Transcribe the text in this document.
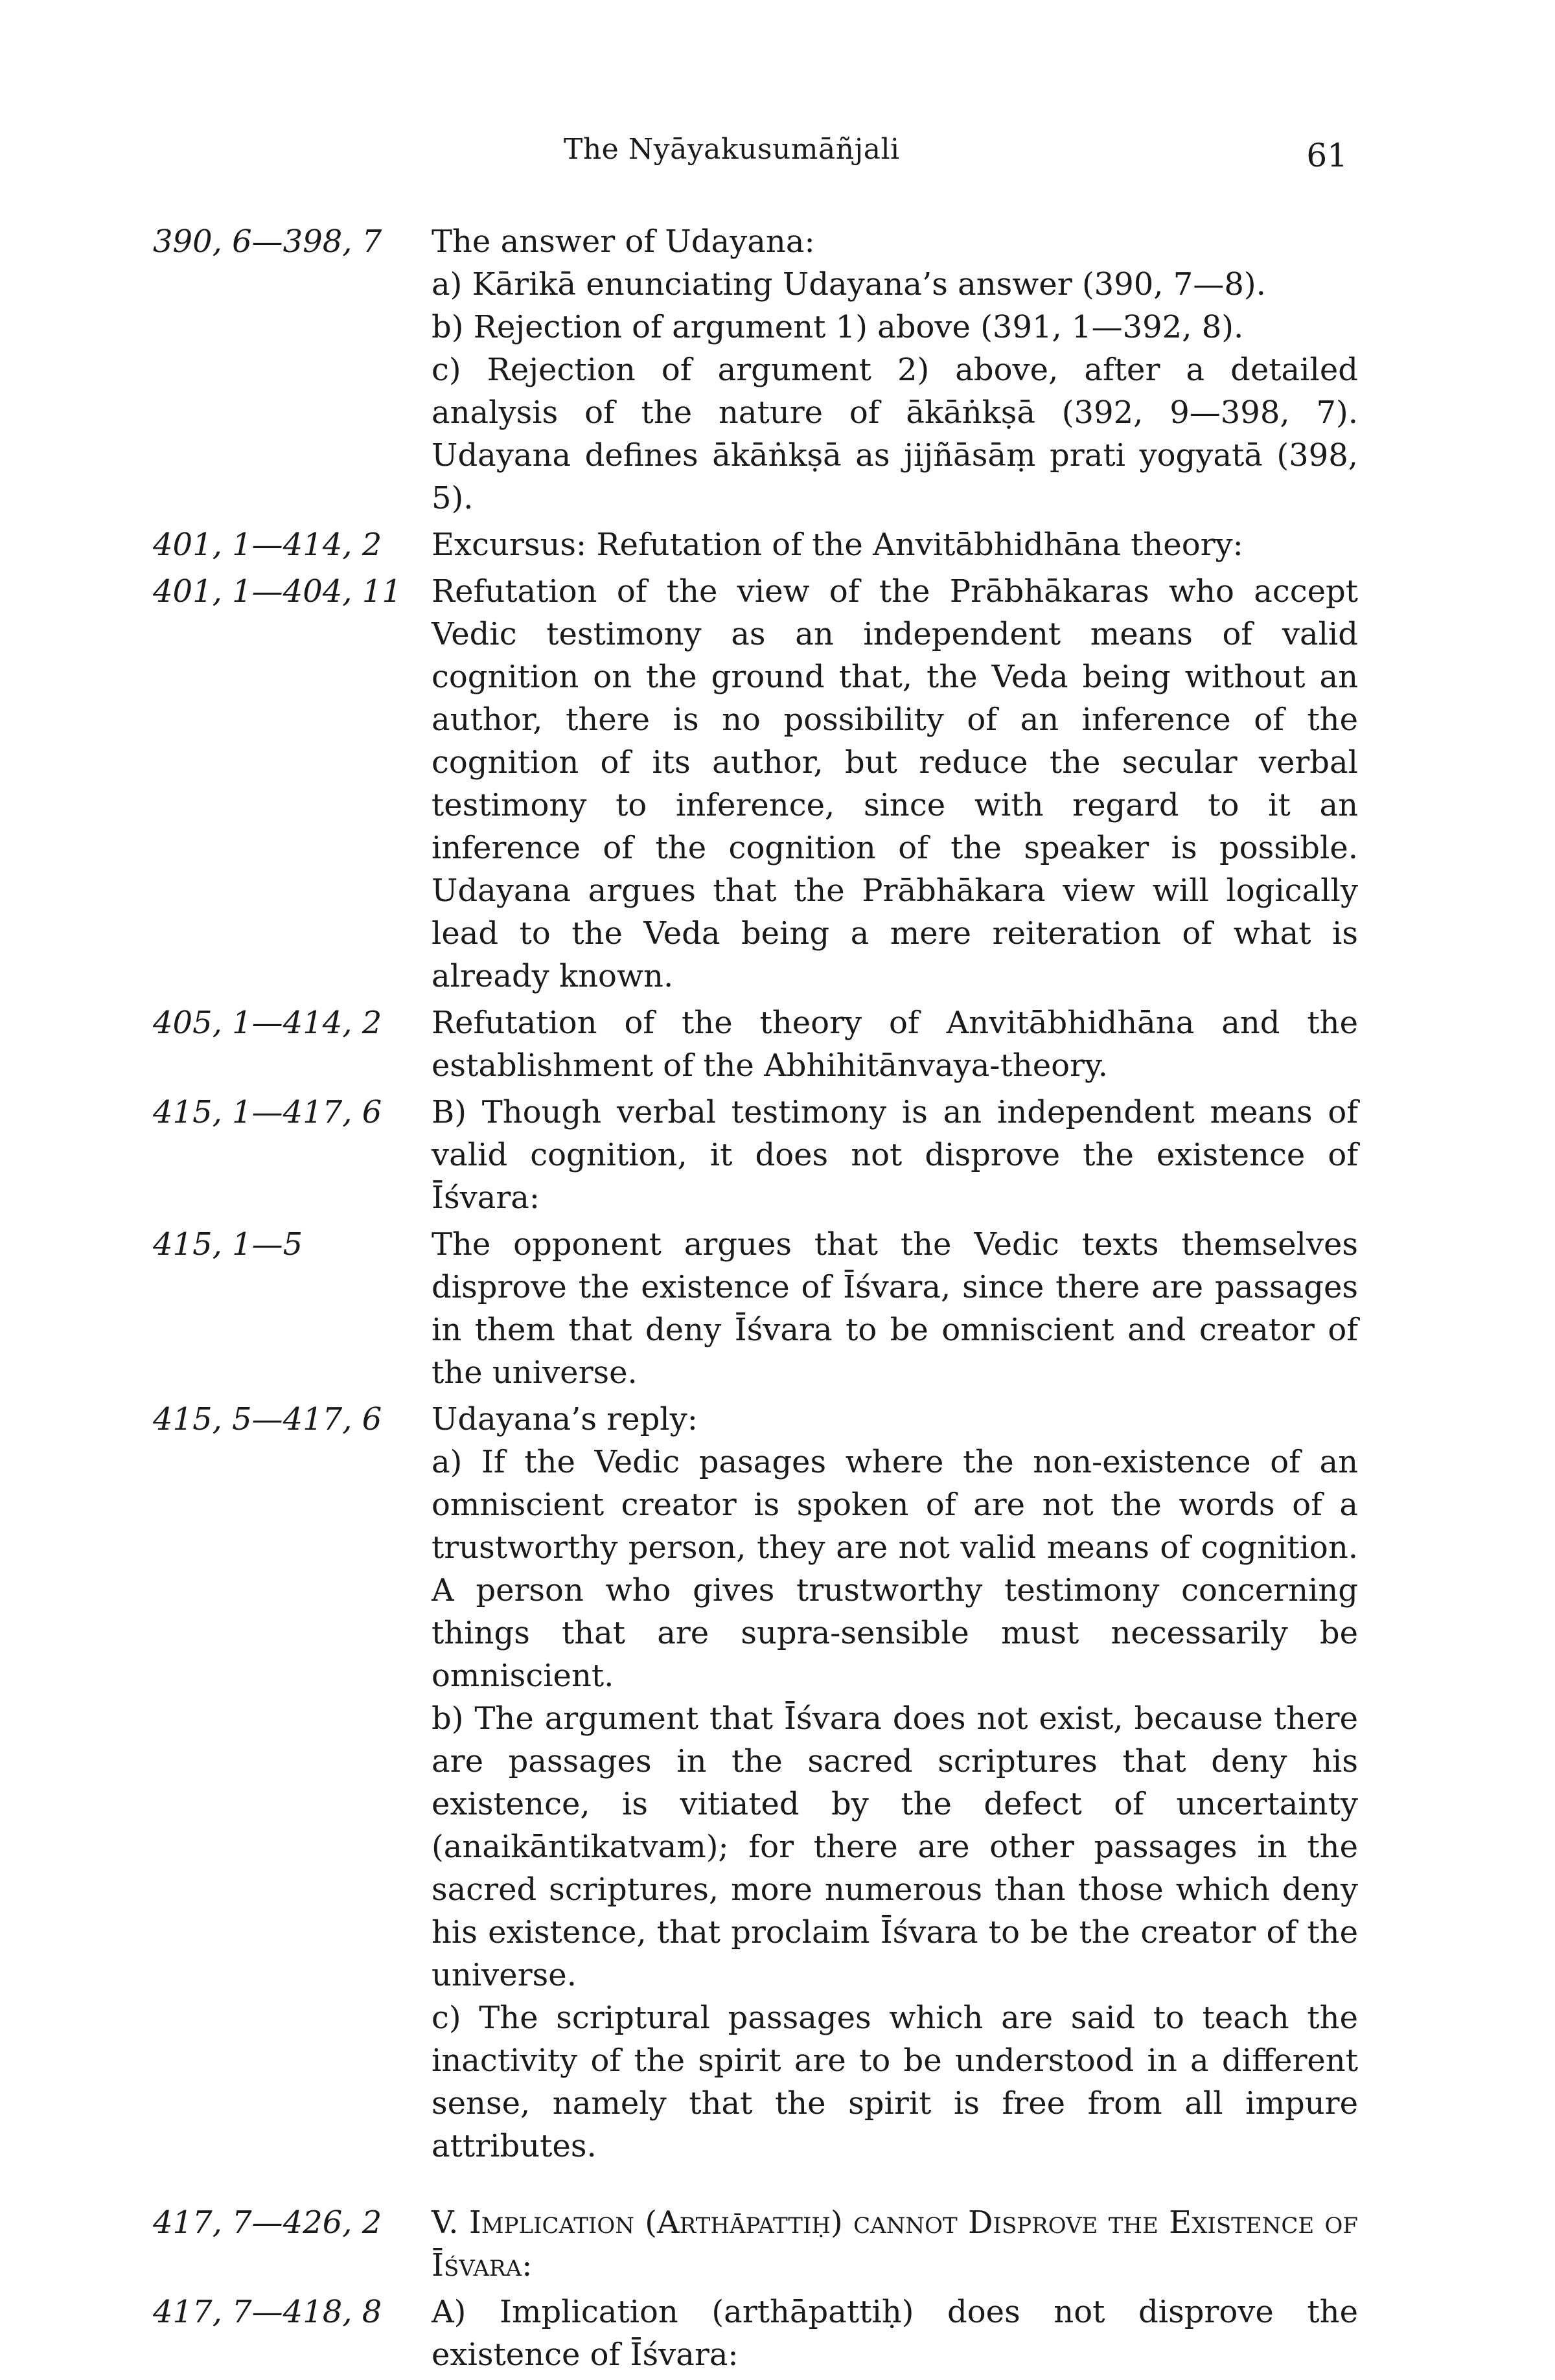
The Nyāyakusumāñjali	61
390, 6—398, 7	The answer of Udayana:

a) Kārikā enunciating Udayana’s answer (390, 7—8).

b) Rejection of argument 1) above (391, 1—392, 8).

c) Rejection of argument 2) above, after a detailed analysis of the nature of ākāṅkṣā (392, 9—398, 7). Udayana defines ākāṅkṣā as jijñāsāṃ prati yogyatā (398, 5).

401, 1—414, 2	Excursus: Refutation of the Anvitābhidhāna theory:

401, 1—404, 11 Refutation of the view of the Prābhākaras who accept Vedic testimony as an independent means of valid cognition on the ground that, the Veda being without an author, there is no possibility of an inference of the cognition of its author, but reduce the secular verbal testimony to inference, since with regard to it an inference of the cognition of the speaker is possible. Udayana argues that the Prābhākara view will logically lead to the Veda being a mere reiteration of what is already known.

405, 1—414, 2	Refutation of the theory of Anvitābhidhāna and the establishment of the Abhihitānvaya-theory.

415, 1—417, 6	B) Though verbal testimony is an independent means of valid cognition, it does not disprove the existence of Īśvara:

415, 1—5	The opponent argues that the Vedic texts themselves disprove the existence of Īśvara, since there are passages in them that deny Īśvara to be omniscient and creator of the universe.

415, 5—417, 6	Udayana’s reply:

a) If the Vedic pasages where the non-existence of an omniscient creator is spoken of are not the words of a trustworthy person, they are not valid means of cognition. A person who gives trustworthy testimony concerning things that are supra-sensible must necessarily be omniscient.

b) The argument that Īśvara does not exist, because there are passages in the sacred scriptures that deny his existence, is vitiated by the defect of uncertainty (anaikāntikatvam); for there are other passages in the sacred scriptures, more numerous than those which deny his existence, that proclaim Īśvara to be the creator of the universe.

c) The scriptural passages which are said to teach the inactivity of the spirit are to be understood in a different sense, namely that the spirit is free from all impure attributes.

417, 7—426, 2	V. Implication (Arthāpattiḥ) cannot Disprove the Existence of Īśvara:

417, 7—418, 8	A) Implication (arthāpattiḥ) does not disprove the existence of Īśvara:
